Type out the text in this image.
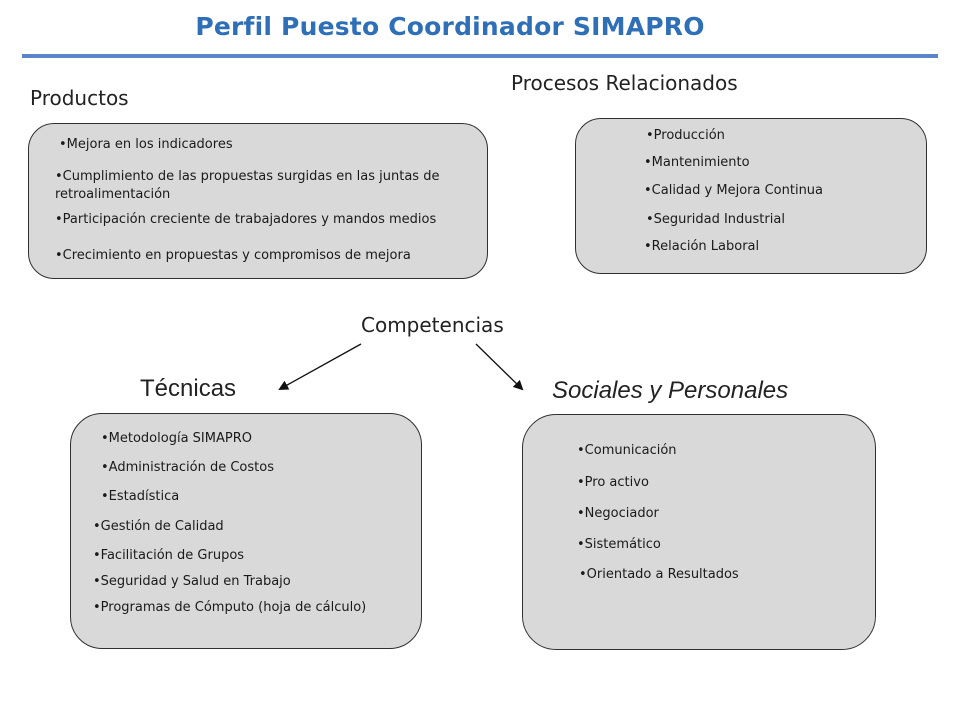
Perfil Puesto Coordinador SIMAPRO
Productos
•Mejora en los indicadores
•Cumplimiento de las propuestas surgidas en las juntas de retroalimentación
•Participación creciente de trabajadores y mandos medios
•Crecimiento en propuestas y compromisos de mejora
Procesos Relacionados
•Producción
•Mantenimiento
•Calidad y Mejora Continua
•Seguridad Industrial
•Relación Laboral
Competencias
Técnicas
•Metodología SIMAPRO
•Administración de Costos
•Estadística
•Gestión de Calidad
•Facilitación de Grupos
•Seguridad y Salud en Trabajo
•Programas de Cómputo (hoja de cálculo)
Sociales y Personales
•Comunicación
•Pro activo
•Negociador
•Sistemático
•Orientado a Resultados
